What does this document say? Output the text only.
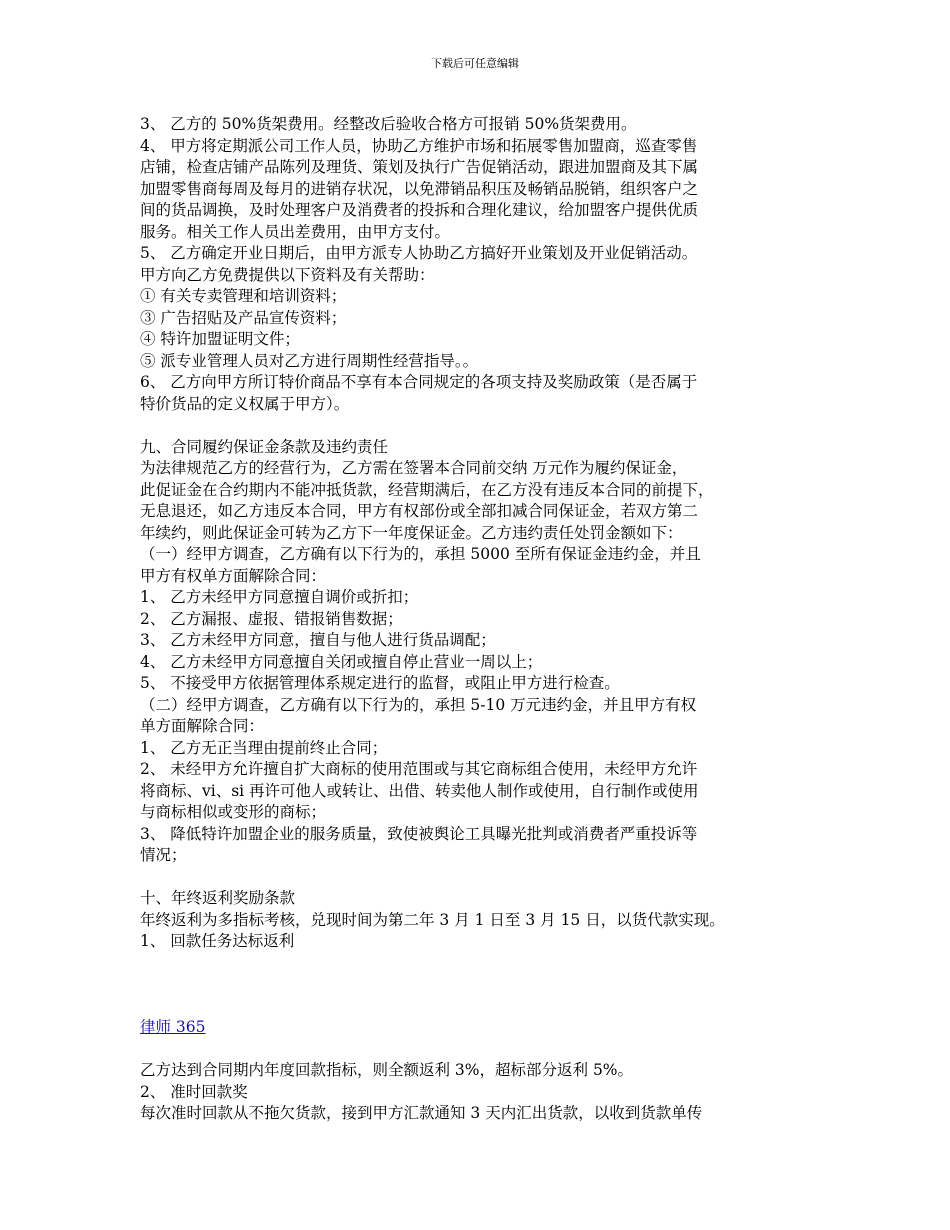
下载后可任意编辑

3、 乙方的 50%货架费用。经整改后验收合格方可报销 50%货架费用。

4、 甲方将定期派公司工作人员，协助乙方维护市场和拓展零售加盟商，巡查零售

店铺，检查店铺产品陈列及理货、策划及执行广告促销活动，跟进加盟商及其下属

加盟零售商每周及每月的进销存状况，以免滞销品积压及畅销品脱销，组织客户之

间的货品调换，及时处理客户及消费者的投拆和合理化建议，给加盟客户提供优质

服务。相关工作人员出差费用，由甲方支付。

5、 乙方确定开业日期后，由甲方派专人协助乙方搞好开业策划及开业促销活动。

甲方向乙方免费提供以下资料及有关帮助：

① 有关专卖管理和培训资料；

③ 广告招贴及产品宣传资料；

④ 特许加盟证明文件；

⑤ 派专业管理人员对乙方进行周期性经营指导。。

6、 乙方向甲方所订特价商品不享有本合同规定的各项支持及奖励政策（是否属于

特价货品的定义权属于甲方）。

九、合同履约保证金条款及违约责任

为法律规范乙方的经营行为，乙方需在签署本合同前交纳 万元作为履约保证金，

此促证金在合约期内不能冲抵货款，经营期满后，在乙方没有违反本合同的前提下，

无息退还，如乙方违反本合同，甲方有权部份或全部扣减合同保证金，若双方第二

年续约，则此保证金可转为乙方下一年度保证金。乙方违约责任处罚金额如下：

（一）经甲方调查，乙方确有以下行为的，承担 5000 至所有保证金违约金，并且

甲方有权单方面解除合同：

1、 乙方未经甲方同意擅自调价或折扣；

2、 乙方漏报、虚报、错报销售数据；

3、 乙方未经甲方同意，擅自与他人进行货品调配；

4、 乙方未经甲方同意擅自关闭或擅自停止营业一周以上；

5、 不接受甲方依据管理体系规定进行的监督，或阻止甲方进行检查。

（二）经甲方调查，乙方确有以下行为的，承担 5-10 万元违约金，并且甲方有权

单方面解除合同：

1、 乙方无正当理由提前终止合同；

2、 未经甲方允许擅自扩大商标的使用范围或与其它商标组合使用，未经甲方允许

将商标、vi、si 再许可他人或转让、出借、转卖他人制作或使用，自行制作或使用

与商标相似或变形的商标；

3、 降低特许加盟企业的服务质量，致使被舆论工具曝光批判或消费者严重投诉等

情况；

十、年终返利奖励条款

年终返利为多指标考核，兑现时间为第二年 3 月 1 日至 3 月 15 日，以货代款实现。

1、 回款任务达标返利

律师 365

乙方达到合同期内年度回款指标，则全额返利 3%，超标部分返利 5%。

2、 准时回款奖

每次准时回款从不拖欠货款，接到甲方汇款通知 3 天内汇出货款，以收到货款单传
